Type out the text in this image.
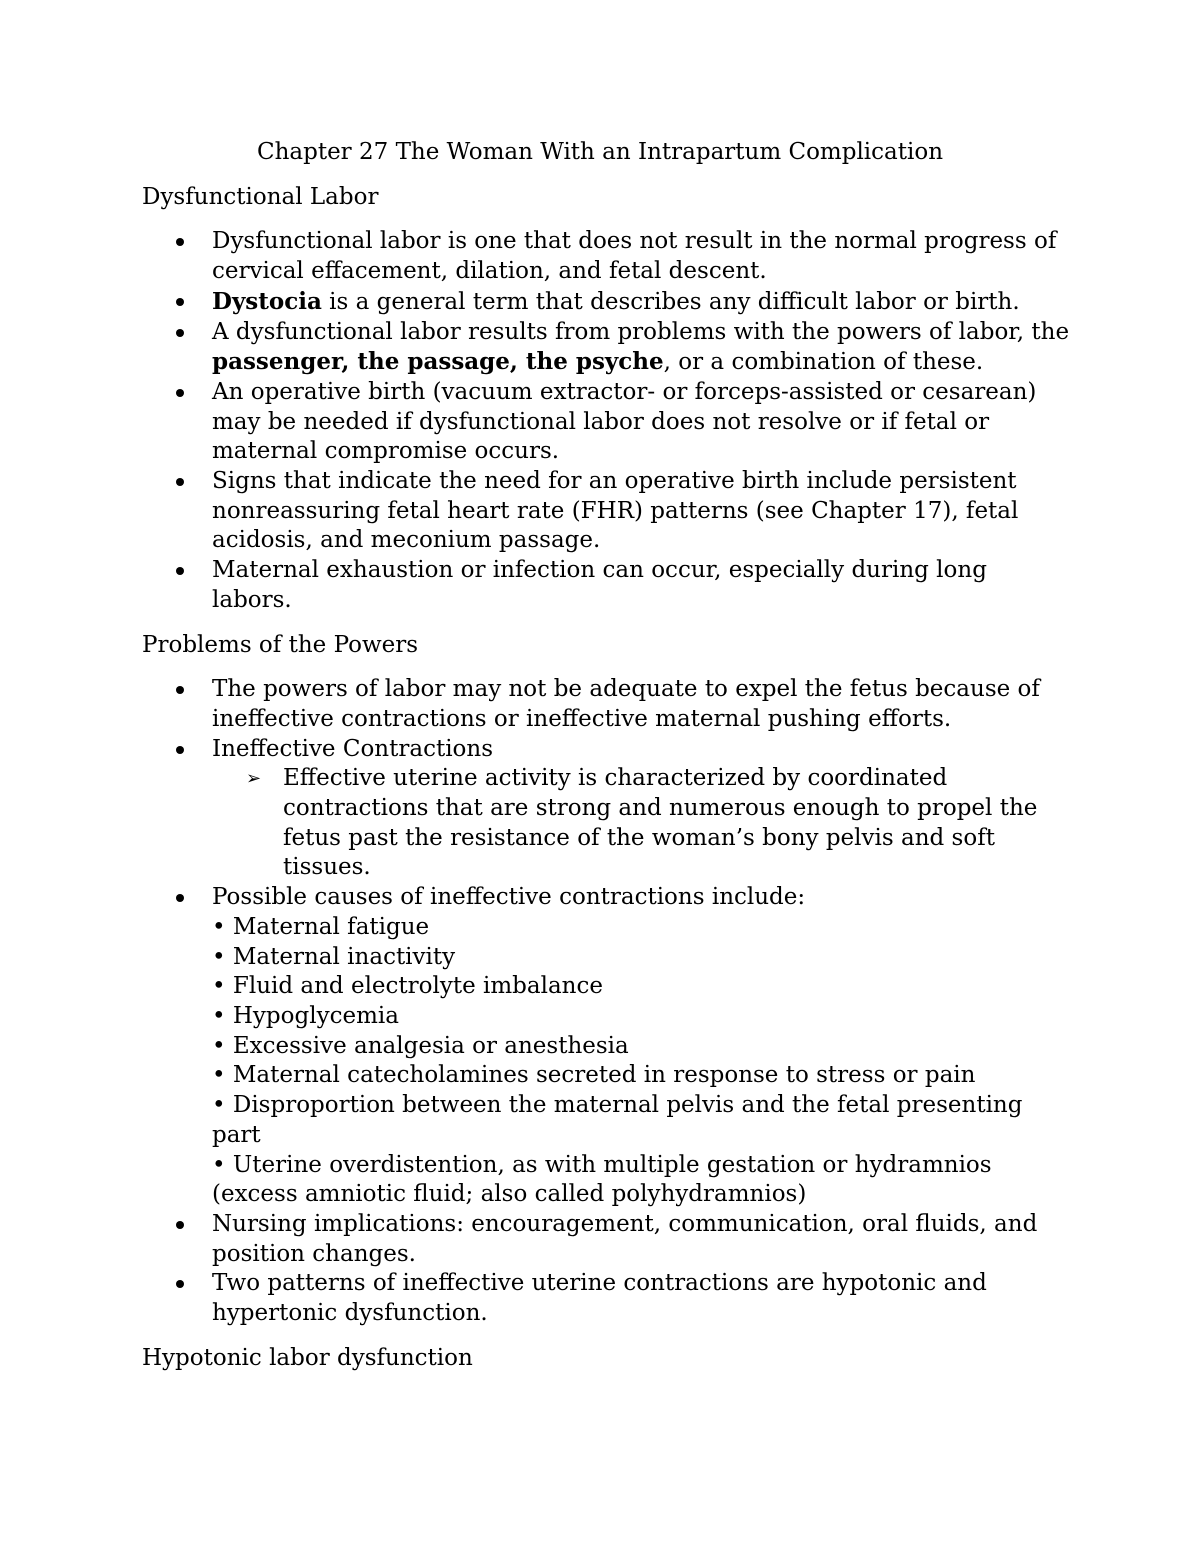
Chapter 27 The Woman With an Intrapartum Complication
Dysfunctional Labor
Dysfunctional labor is one that does not result in the normal progress of cervical effacement, dilation, and fetal descent.
Dystocia is a general term that describes any difficult labor or birth.
A dysfunctional labor results from problems with the powers of labor, the passenger, the passage, the psyche, or a combination of these.
An operative birth (vacuum extractor- or forceps-assisted or cesarean) may be needed if dysfunctional labor does not resolve or if fetal or maternal compromise occurs.
Signs that indicate the need for an operative birth include persistent nonreassuring fetal heart rate (FHR) patterns (see Chapter 17), fetal acidosis, and meconium passage.
Maternal exhaustion or infection can occur, especially during long labors.
Problems of the Powers
The powers of labor may not be adequate to expel the fetus because of ineffective contractions or ineffective maternal pushing efforts.
Ineffective Contractions
➢ Effective uterine activity is characterized by coordinated contractions that are strong and numerous enough to propel the fetus past the resistance of the woman’s bony pelvis and soft tissues.
Possible causes of ineffective contractions include:
• Maternal fatigue
• Maternal inactivity
• Fluid and electrolyte imbalance
• Hypoglycemia
• Excessive analgesia or anesthesia
• Maternal catecholamines secreted in response to stress or pain
• Disproportion between the maternal pelvis and the fetal presenting part
• Uterine overdistention, as with multiple gestation or hydramnios (excess amniotic fluid; also called polyhydramnios)
Nursing implications: encouragement, communication, oral fluids, and position changes.
Two patterns of ineffective uterine contractions are hypotonic and hypertonic dysfunction.
Hypotonic labor dysfunction
